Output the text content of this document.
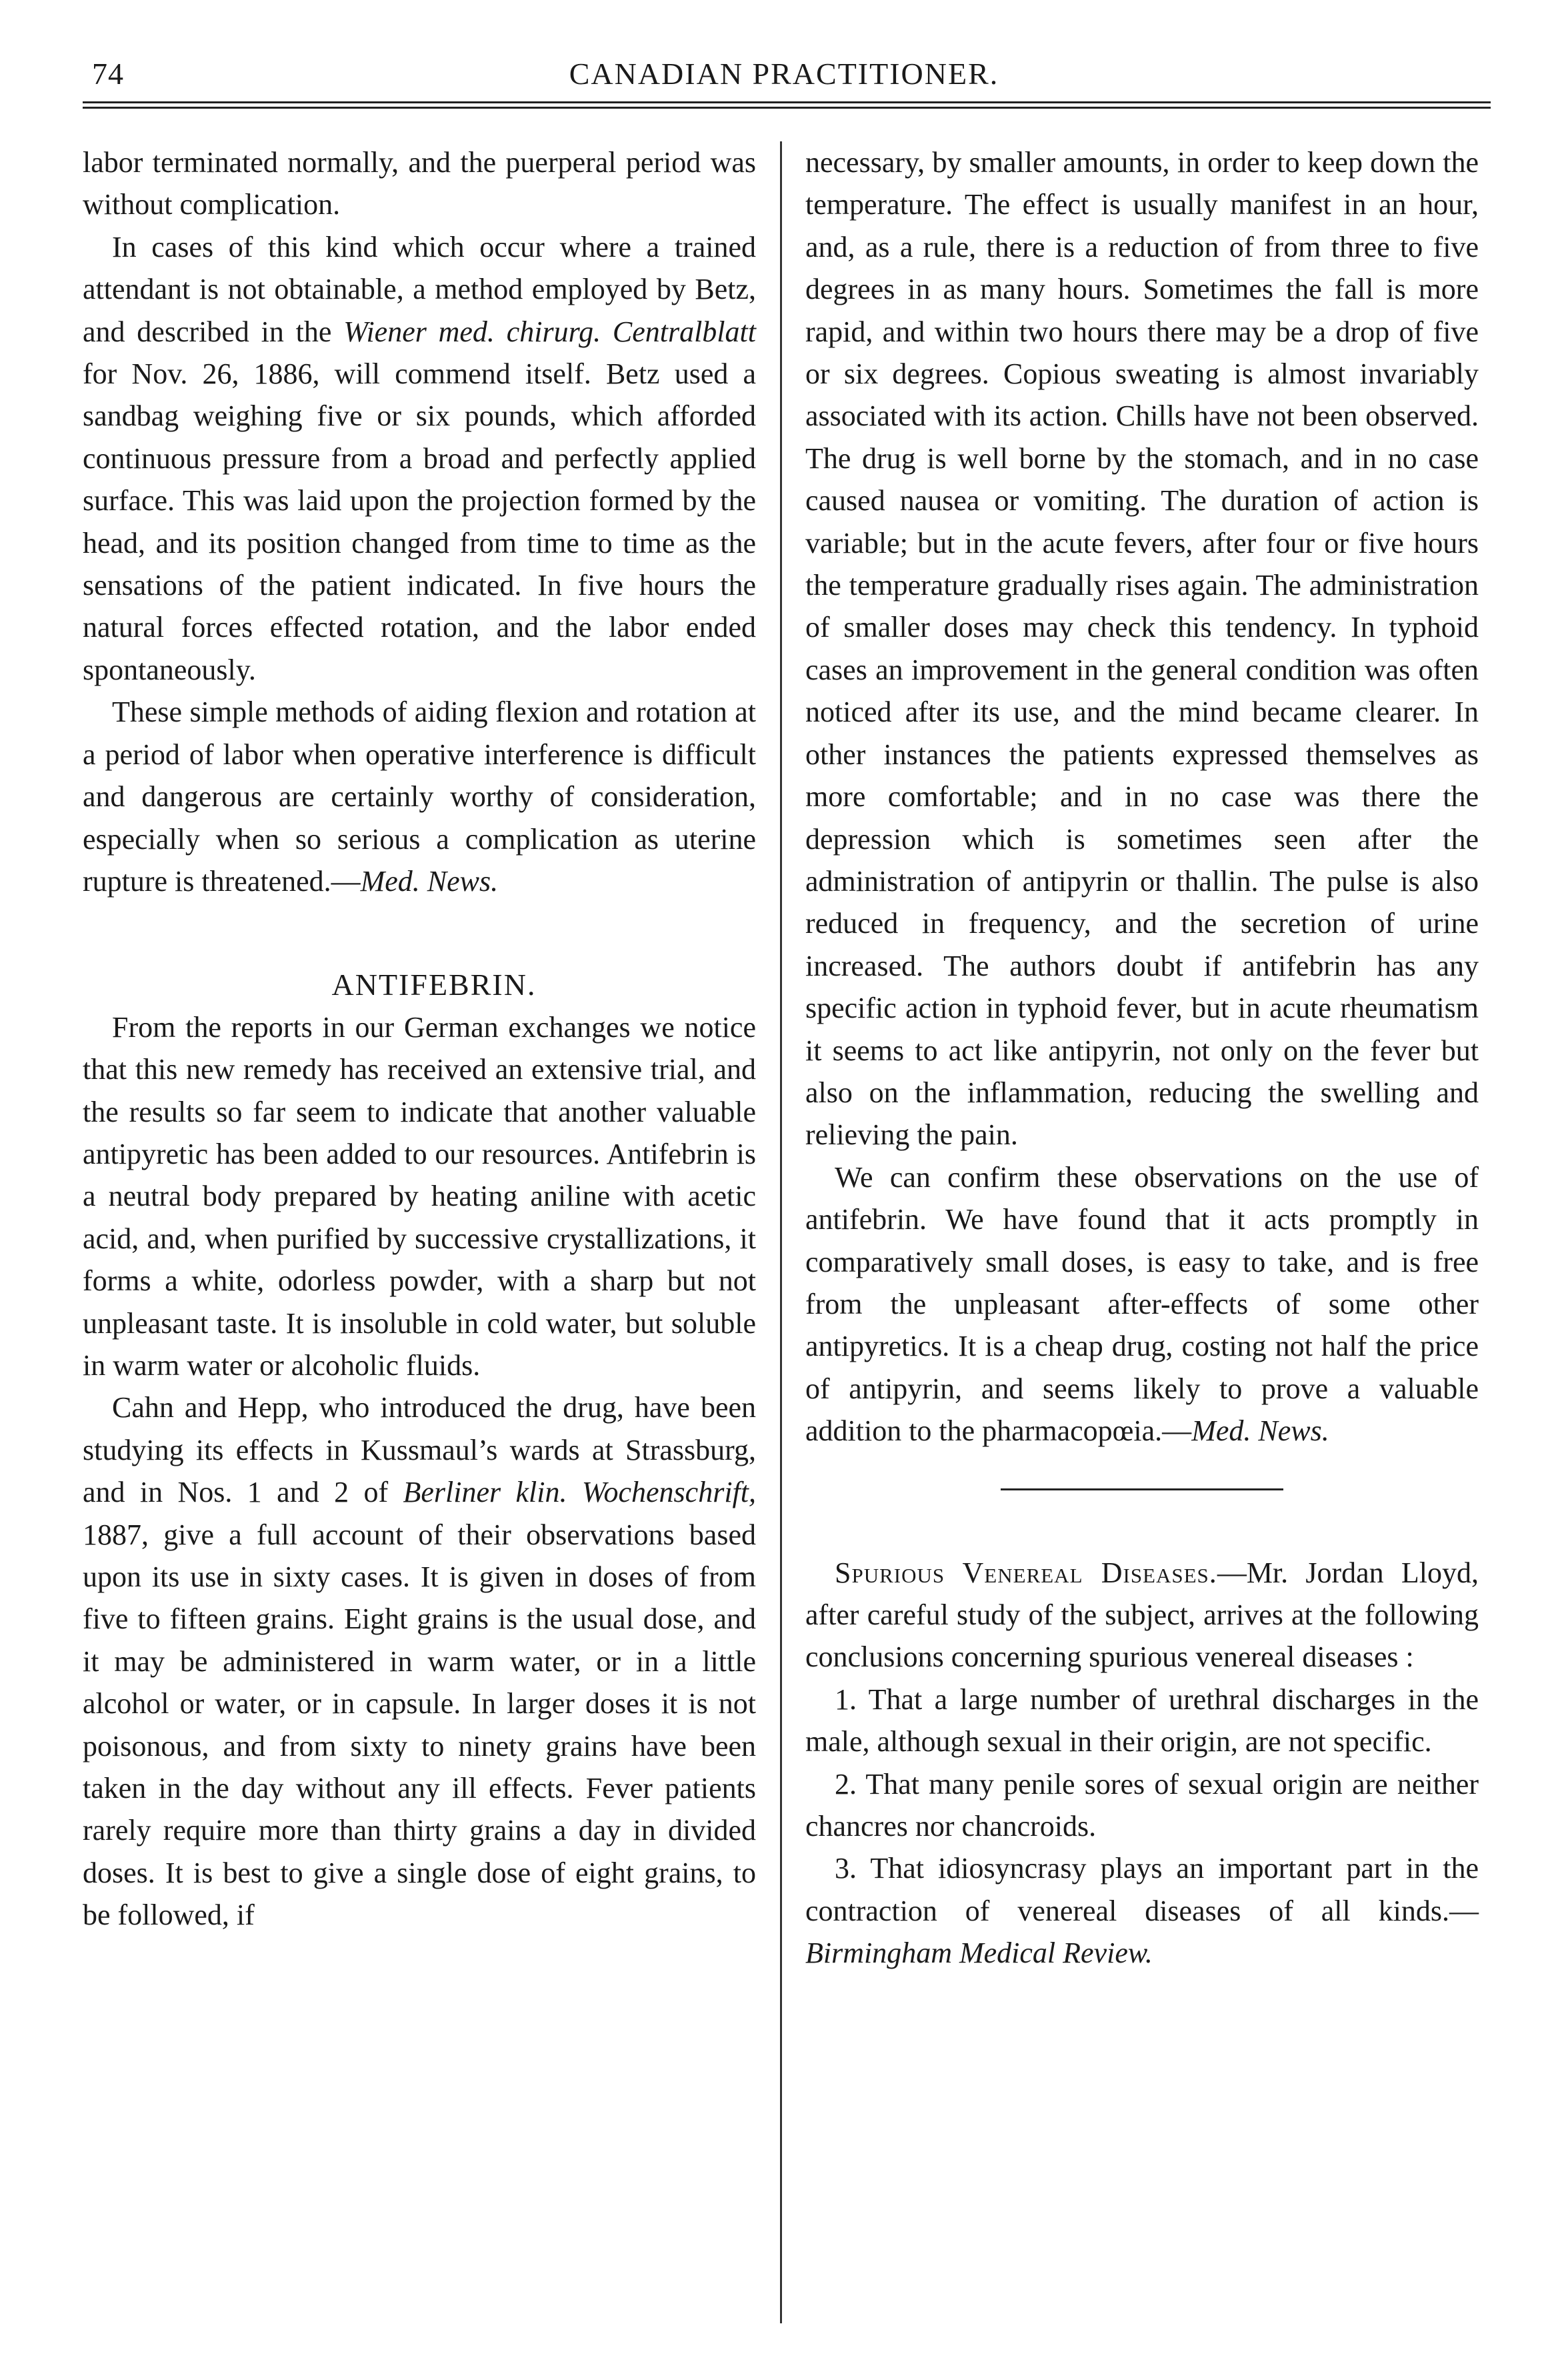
74	CANADIAN PRACTITIONER.

labor terminated normally, and the puerperal period was without complication.

In cases of this kind which occur where a trained attendant is not obtainable, a method employed by Betz, and described in the Wiener med. chirurg. Centralblatt for Nov. 26, 1886, will commend itself. Betz used a sandbag weighing five or six pounds, which afforded continuous pressure from a broad and perfectly applied surface. This was laid upon the projection formed by the head, and its position changed from time to time as the sensations of the patient indicated. In five hours the natural forces effected rotation, and the labor ended spontaneously.

These simple methods of aiding flexion and rotation at a period of labor when operative interference is difficult and dangerous are certainly worthy of consideration, especially when so serious a complication as uterine rupture is threatened.—Med. News.

ANTIFEBRIN.

From the reports in our German exchanges we notice that this new remedy has received an extensive trial, and the results so far seem to indicate that another valuable antipyretic has been added to our resources. Antifebrin is a neutral body prepared by heating aniline with acetic acid, and, when purified by successive crystallizations, it forms a white, odorless powder, with a sharp but not unpleasant taste. It is insoluble in cold water, but soluble in warm water or alcoholic fluids.

Cahn and Hepp, who introduced the drug, have been studying its effects in Kussmaul’s wards at Strassburg, and in Nos. 1 and 2 of Berliner klin. Wochenschrift, 1887, give a full account of their observations based upon its use in sixty cases. It is given in doses of from five to fifteen grains. Eight grains is the usual dose, and it may be administered in warm water, or in a little alcohol or water, or in capsule. In larger doses it is not poisonous, and from sixty to ninety grains have been taken in the day without any ill effects. Fever patients rarely require more than thirty grains a day in divided doses. It is best to give a single dose of eight grains, to be followed, if

necessary, by smaller amounts, in order to keep down the temperature. The effect is usually manifest in an hour, and, as a rule, there is a reduction of from three to five degrees in as many hours. Sometimes the fall is more rapid, and within two hours there may be a drop of five or six degrees. Copious sweating is almost invariably associated with its action. Chills have not been observed. The drug is well borne by the stomach, and in no case caused nausea or vomiting. The duration of action is variable; but in the acute fevers, after four or five hours the temperature gradually rises again. The administration of smaller doses may check this tendency. In typhoid cases an improvement in the general condition was often noticed after its use, and the mind became clearer. In other instances the patients expressed themselves as more comfortable; and in no case was there the depression which is sometimes seen after the administration of antipyrin or thallin. The pulse is also reduced in frequency, and the secretion of urine increased. The authors doubt if antifebrin has any specific action in typhoid fever, but in acute rheumatism it seems to act like antipyrin, not only on the fever but also on the inflammation, reducing the swelling and relieving the pain.

We can confirm these observations on the use of antifebrin. We have found that it acts promptly in comparatively small doses, is easy to take, and is free from the unpleasant after-effects of some other antipyretics. It is a cheap drug, costing not half the price of antipyrin, and seems likely to prove a valuable addition to the pharmacopœia.—Med. News.

Spurious Venereal Diseases.—Mr. Jordan Lloyd, after careful study of the subject, arrives at the following conclusions concerning spurious venereal diseases :

1. That a large number of urethral discharges in the male, although sexual in their origin, are not specific.

2. That many penile sores of sexual origin are neither chancres nor chancroids.

3. That idiosyncrasy plays an important part in the contraction of venereal diseases of all kinds.—Birmingham Medical Review.
